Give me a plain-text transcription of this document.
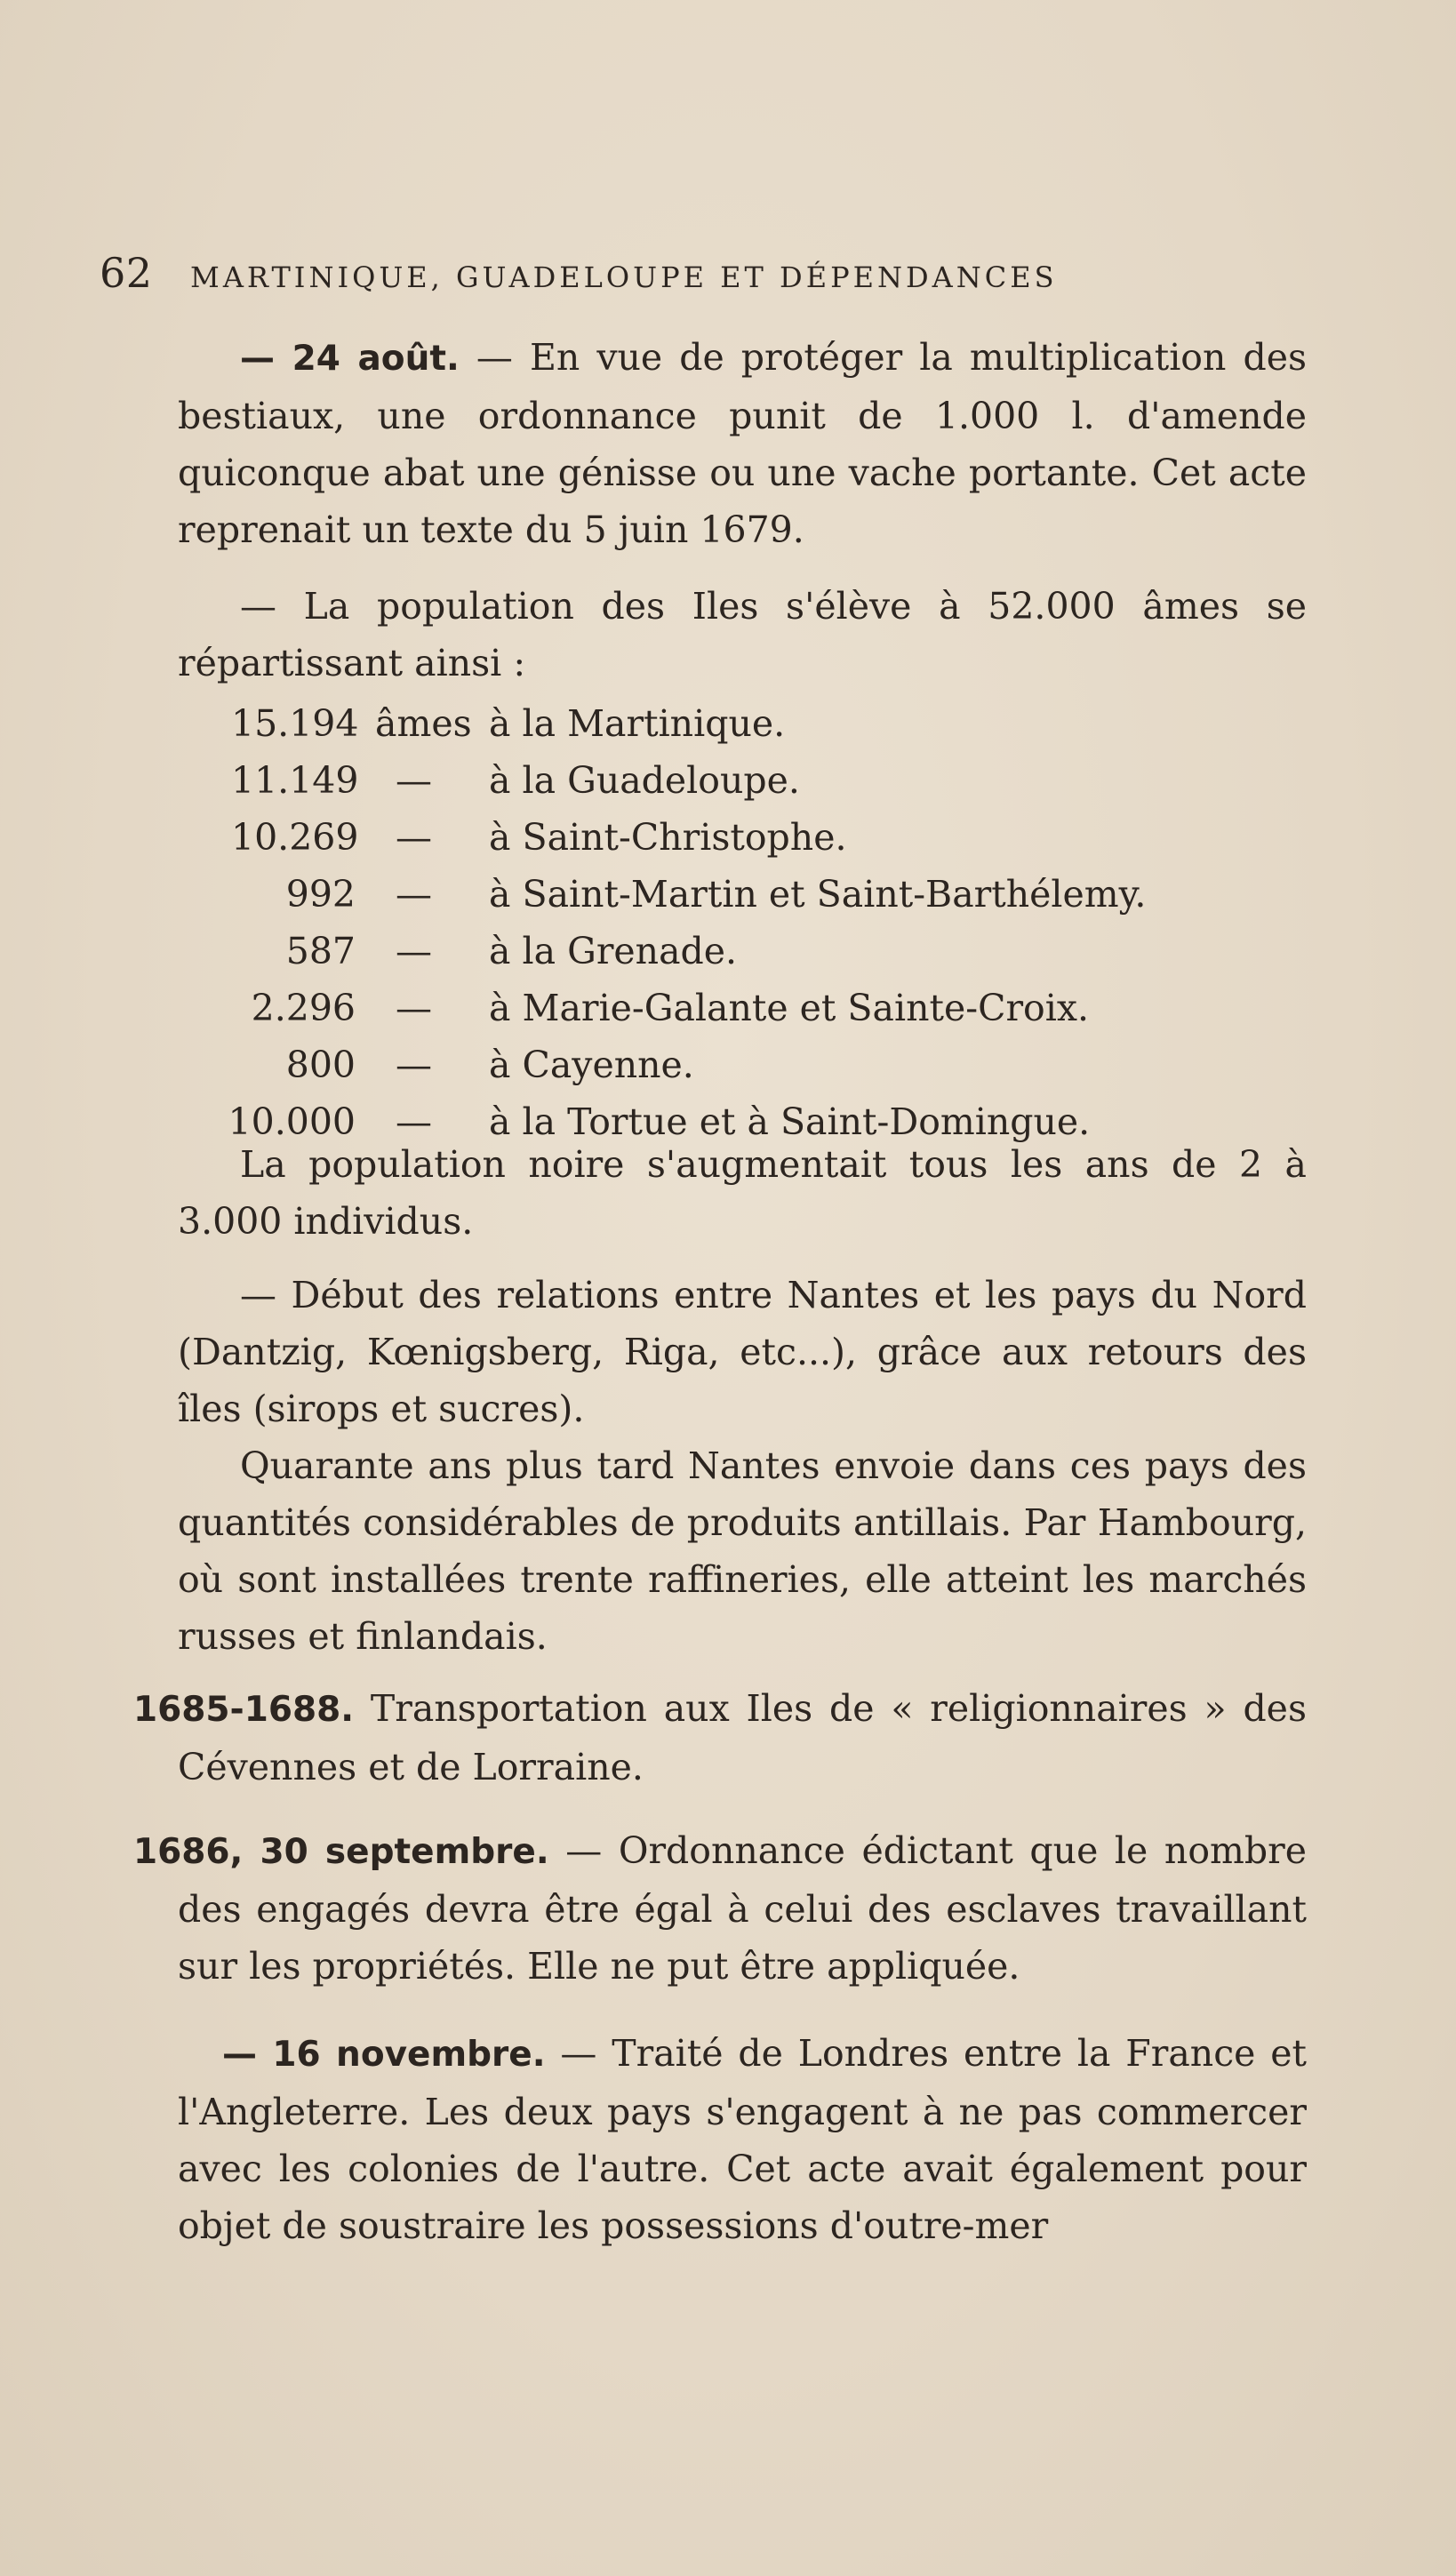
62 MARTINIQUE, GUADELOUPE ET DÉPENDANCES

— 24 août. — En vue de protéger la multiplication des bestiaux, une ordonnance punit de 1.000 l. d'amende quiconque abat une génisse ou une vache portante. Cet acte reprenait un texte du 5 juin 1679.

— La population des Iles s'élève à 52.000 âmes se répartissant ainsi :

15.194 âmes à la Martinique.
11.149 — à la Guadeloupe.
10.269 — à Saint-Christophe.
992 — à Saint-Martin et Saint-Barthélemy.
587 — à la Grenade.
2.296 — à Marie-Galante et Sainte-Croix.
800 — à Cayenne.
10.000 — à la Tortue et à Saint-Domingue.

La population noire s'augmentait tous les ans de 2 à 3.000 individus.

— Début des relations entre Nantes et les pays du Nord (Dantzig, Kœnigsberg, Riga, etc...), grâce aux retours des îles (sirops et sucres).

Quarante ans plus tard Nantes envoie dans ces pays des quantités considérables de produits antillais. Par Hambourg, où sont installées trente raffineries, elle atteint les marchés russes et finlandais.

1685-1688. Transportation aux Iles de « religionnaires » des Cévennes et de Lorraine.

1686, 30 septembre. — Ordonnance édictant que le nombre des engagés devra être égal à celui des esclaves travaillant sur les propriétés. Elle ne put être appliquée.

— 16 novembre. — Traité de Londres entre la France et l'Angleterre. Les deux pays s'engagent à ne pas commercer avec les colonies de l'autre. Cet acte avait également pour objet de soustraire les possessions d'outre-mer
